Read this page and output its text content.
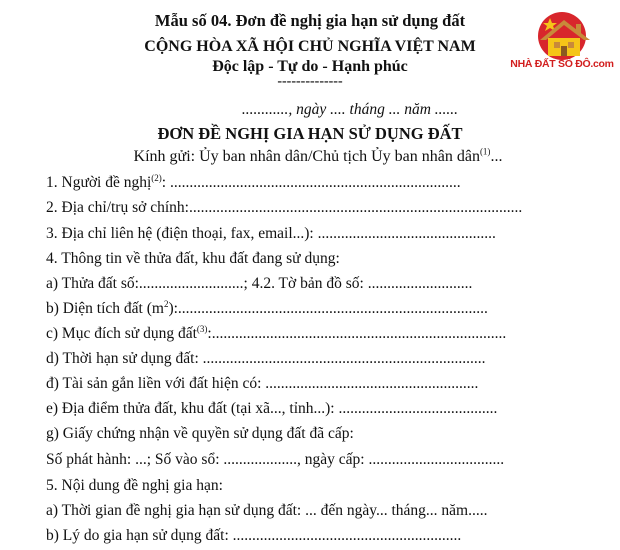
Mẫu số 04. Đơn đề nghị gia hạn sử dụng đất
CỘNG HÒA XÃ HỘI CHỦ NGHĨA VIỆT NAM
Độc lập - Tự do - Hạnh phúc
--------------
NHÀ ĐẤT SỐ ĐÔ.com
............, ngày .... tháng ... năm ......
ĐƠN ĐỀ NGHỊ GIA HẠN SỬ DỤNG ĐẤT
Kính gửi: Ủy ban nhân dân/Chủ tịch Ủy ban nhân dân$^{(1)}$...
1. Người đề nghị$^{(2)}$: ...........................................................................
2. Địa chỉ/trụ sở chính:......................................................................................
3. Địa chỉ liên hệ (điện thoại, fax, email...): ..............................................
4. Thông tin về thửa đất, khu đất đang sử dụng:
a) Thửa đất số:...........................; 4.2. Tờ bản đồ số: ...........................
b) Diện tích đất $(m^2)$:................................................................................
c) Mục đích sử dụng đất$^{(3)}$:............................................................................
d) Thời hạn sử dụng đất: .........................................................................
đ) Tài sản gắn liền với đất hiện có: .......................................................
e) Địa điểm thửa đất, khu đất (tại xã..., tỉnh...): .........................................
g) Giấy chứng nhận về quyền sử dụng đất đã cấp:
Số phát hành: ...; Số vào sổ: ..................., ngày cấp: ...................................
5. Nội dung đề nghị gia hạn:
a) Thời gian đề nghị gia hạn sử dụng đất: ... đến ngày... tháng... năm.....
b) Lý do gia hạn sử dụng đất: ...........................................................
